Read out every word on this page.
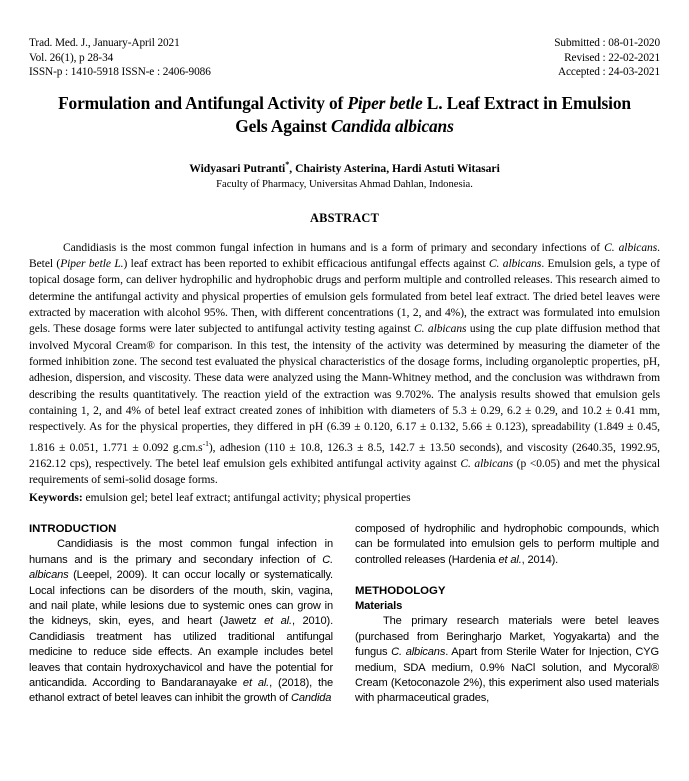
Trad. Med. J., January-April 2021
Vol. 26(1), p 28-34
ISSN-p : 1410-5918 ISSN-e : 2406-9086
Submitted : 08-01-2020
Revised : 22-02-2021
Accepted : 24-03-2021
Formulation and Antifungal Activity of Piper betle L. Leaf Extract in Emulsion Gels Against Candida albicans
Widyasari Putranti*, Chairisty Asterina, Hardi Astuti Witasari
Faculty of Pharmacy, Universitas Ahmad Dahlan, Indonesia.
ABSTRACT
Candidiasis is the most common fungal infection in humans and is a form of primary and secondary infections of C. albicans. Betel (Piper betle L.) leaf extract has been reported to exhibit efficacious antifungal effects against C. albicans. Emulsion gels, a type of topical dosage form, can deliver hydrophilic and hydrophobic drugs and perform multiple and controlled releases. This research aimed to determine the antifungal activity and physical properties of emulsion gels formulated from betel leaf extract. The dried betel leaves were extracted by maceration with alcohol 95%. Then, with different concentrations (1, 2, and 4%), the extract was formulated into emulsion gels. These dosage forms were later subjected to antifungal activity testing against C. albicans using the cup plate diffusion method that involved Mycoral Cream® for comparison. In this test, the intensity of the activity was determined by measuring the diameter of the formed inhibition zone. The second test evaluated the physical characteristics of the dosage forms, including organoleptic properties, pH, adhesion, dispersion, and viscosity. These data were analyzed using the Mann-Whitney method, and the conclusion was withdrawn from describing the results quantitatively. The reaction yield of the extraction was 9.702%. The analysis results showed that emulsion gels containing 1, 2, and 4% of betel leaf extract created zones of inhibition with diameters of 5.3 ± 0.29, 6.2 ± 0.29, and 10.2 ± 0.41 mm, respectively. As for the physical properties, they differed in pH (6.39 ± 0.120, 6.17 ± 0.132, 5.66 ± 0.123), spreadability (1.849 ± 0.45, 1.816 ± 0.051, 1.771 ± 0.092 $g.cm.s^{-1}$), adhesion (110 ± 10.8, 126.3 ± 8.5, 142.7 ± 13.50 seconds), and viscosity (2640.35, 1992.95, 2162.12 cps), respectively. The betel leaf emulsion gels exhibited antifungal activity against C. albicans (p <0.05) and met the physical requirements of semi-solid dosage forms.
Keywords: emulsion gel; betel leaf extract; antifungal activity; physical properties
INTRODUCTION

Candidiasis is the most common fungal infection in humans and is the primary and secondary infection of C. albicans (Leepel, 2009). It can occur locally or systematically. Local infections can be disorders of the mouth, skin, vagina, and nail plate, while lesions due to systemic ones can grow in the kidneys, skin, eyes, and heart (Jawetz et al., 2010). Candidiasis treatment has utilized traditional antifungal medicine to reduce side effects. An example includes betel leaves that contain hydroxychavicol and have the potential for anticandida. According to Bandaranayake et al., (2018), the ethanol extract of betel leaves can inhibit the growth of Candida

composed of hydrophilic and hydrophobic compounds, which can be formulated into emulsion gels to perform multiple and controlled releases (Hardenia et al., 2014).

METHODOLOGY
Materials

The primary research materials were betel leaves (purchased from Beringharjo Market, Yogyakarta) and the fungus C. albicans. Apart from Sterile Water for Injection, CYG medium, SDA medium, 0.9% NaCl solution, and Mycoral® Cream (Ketoconazole 2%), this experiment also used materials with pharmaceutical grades,
